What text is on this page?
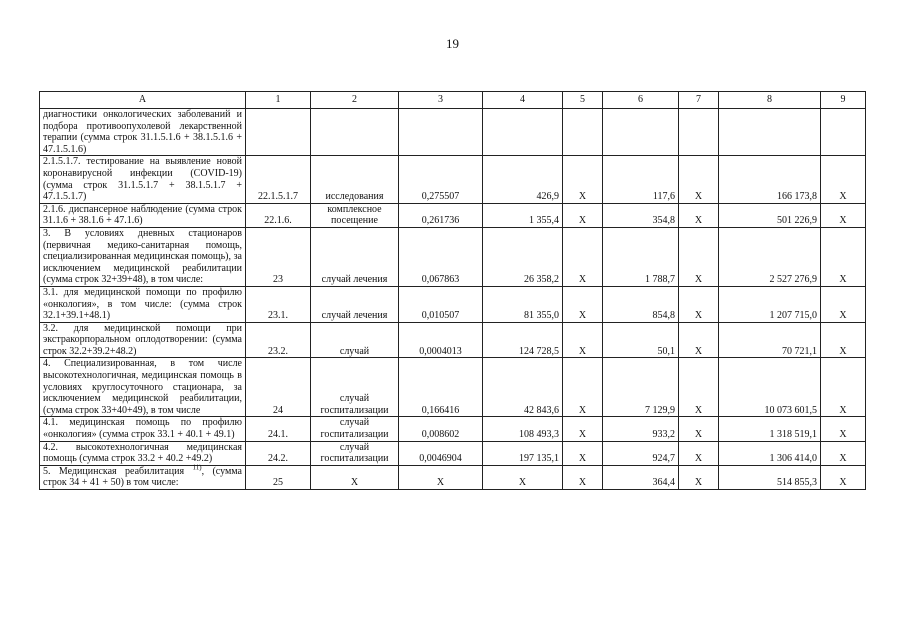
19
А	1	2	3	4	5	6	7	8	9
диагностики онкологических заболеваний и подбора противоопухолевой лекарственной терапии (сумма строк 31.1.5.1.6 + 38.1.5.1.6 + 47.1.5.1.6)									
2.1.5.1.7. тестирование на выявление новой коронавирусной инфекции (COVID-19) (сумма строк 31.1.5.1.7 + 38.1.5.1.7 + 47.1.5.1.7)	22.1.5.1.7	исследования	0,275507	426,9	Х	117,6	Х	166 173,8	Х
2.1.6. диспансерное наблюдение (сумма строк 31.1.6 + 38.1.6 + 47.1.6)	22.1.6.	комплексное посещение	0,261736	1 355,4	Х	354,8	Х	501 226,9	Х
3. В условиях дневных стационаров (первичная медико-санитарная помощь, специализированная медицинская помощь), за исключением медицинской реабилитации (сумма строк 32+39+48), в том числе:	23	случай лечения	0,067863	26 358,2	Х	1 788,7	Х	2 527 276,9	Х
3.1. для медицинской помощи по профилю «онкология», в том числе: (сумма строк 32.1+39.1+48.1)	23.1.	случай лечения	0,010507	81 355,0	Х	854,8	Х	1 207 715,0	Х
3.2. для медицинской помощи при экстракорпоральном оплодотворении: (сумма строк 32.2+39.2+48.2)	23.2.	случай	0,0004013	124 728,5	Х	50,1	Х	70 721,1	Х
4. Специализированная, в том числе высокотехнологичная, медицинская помощь в условиях круглосуточного стационара, за исключением медицинской реабилитации, (сумма строк 33+40+49), в том числе	24	случай госпитализации	0,166416	42 843,6	Х	7 129,9	Х	10 073 601,5	Х
4.1. медицинская помощь по профилю «онкология» (сумма строк 33.1 + 40.1 + 49.1)	24.1.	случай госпитализации	0,008602	108 493,3	Х	933,2	Х	1 318 519,1	Х
4.2. высокотехнологичная медицинская помощь (сумма строк 33.2 + 40.2 +49.2)	24.2.	случай госпитализации	0,0046904	197 135,1	Х	924,7	Х	1 306 414,0	Х
5. Медицинская реабилитация $^{11)}$, (сумма строк 34 + 41 + 50) в том числе:	25	Х	Х	Х	Х	364,4	Х	514 855,3	Х
